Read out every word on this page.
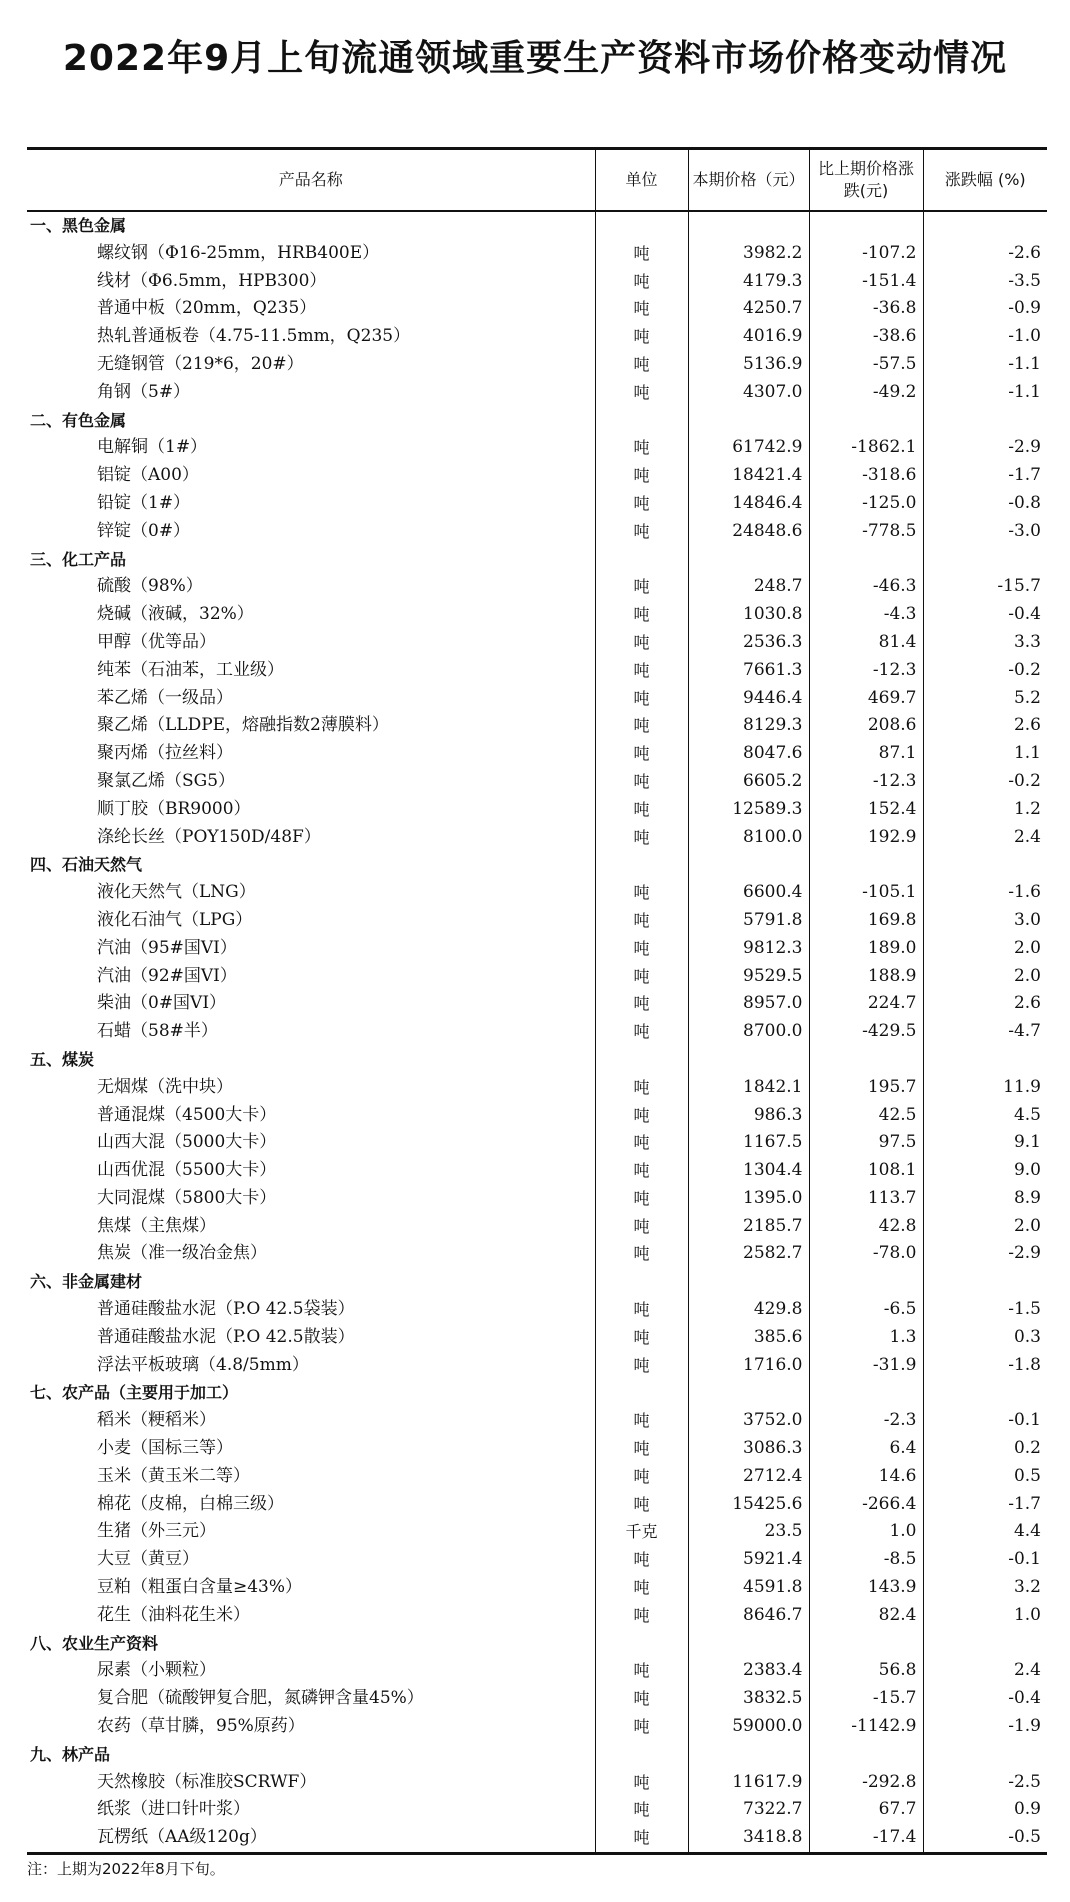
2022年9月上旬流通领域重要生产资料市场价格变动情况
产品名称	单位	本期价格（元）	比上期价格涨跌(元)	涨跌幅 (%)
一、黑色金属				
螺纹钢（Φ16-25mm，HRB400E）	吨	3982.2	-107.2	-2.6
线材（Φ6.5mm，HPB300）	吨	4179.3	-151.4	-3.5
普通中板（20mm，Q235）	吨	4250.7	-36.8	-0.9
热轧普通板卷（4.75-11.5mm，Q235）	吨	4016.9	-38.6	-1.0
无缝钢管（219*6，20#）	吨	5136.9	-57.5	-1.1
角钢（5#）	吨	4307.0	-49.2	-1.1
二、有色金属				
电解铜（1#）	吨	61742.9	-1862.1	-2.9
铝锭（A00）	吨	18421.4	-318.6	-1.7
铅锭（1#）	吨	14846.4	-125.0	-0.8
锌锭（0#）	吨	24848.6	-778.5	-3.0
三、化工产品				
硫酸（98%）	吨	248.7	-46.3	-15.7
烧碱（液碱，32%）	吨	1030.8	-4.3	-0.4
甲醇（优等品）	吨	2536.3	81.4	3.3
纯苯（石油苯，工业级）	吨	7661.3	-12.3	-0.2
苯乙烯（一级品）	吨	9446.4	469.7	5.2
聚乙烯（LLDPE，熔融指数2薄膜料）	吨	8129.3	208.6	2.6
聚丙烯（拉丝料）	吨	8047.6	87.1	1.1
聚氯乙烯（SG5）	吨	6605.2	-12.3	-0.2
顺丁胶（BR9000）	吨	12589.3	152.4	1.2
涤纶长丝（POY150D/48F）	吨	8100.0	192.9	2.4
四、石油天然气				
液化天然气（LNG）	吨	6600.4	-105.1	-1.6
液化石油气（LPG）	吨	5791.8	169.8	3.0
汽油（95#国VI）	吨	9812.3	189.0	2.0
汽油（92#国VI）	吨	9529.5	188.9	2.0
柴油（0#国VI）	吨	8957.0	224.7	2.6
石蜡（58#半）	吨	8700.0	-429.5	-4.7
五、煤炭				
无烟煤（洗中块）	吨	1842.1	195.7	11.9
普通混煤（4500大卡）	吨	986.3	42.5	4.5
山西大混（5000大卡）	吨	1167.5	97.5	9.1
山西优混（5500大卡）	吨	1304.4	108.1	9.0
大同混煤（5800大卡）	吨	1395.0	113.7	8.9
焦煤（主焦煤）	吨	2185.7	42.8	2.0
焦炭（准一级冶金焦）	吨	2582.7	-78.0	-2.9
六、非金属建材				
普通硅酸盐水泥（P.O 42.5袋装）	吨	429.8	-6.5	-1.5
普通硅酸盐水泥（P.O 42.5散装）	吨	385.6	1.3	0.3
浮法平板玻璃（4.8/5mm）	吨	1716.0	-31.9	-1.8
七、农产品（主要用于加工）				
稻米（粳稻米）	吨	3752.0	-2.3	-0.1
小麦（国标三等）	吨	3086.3	6.4	0.2
玉米（黄玉米二等）	吨	2712.4	14.6	0.5
棉花（皮棉，白棉三级）	吨	15425.6	-266.4	-1.7
生猪（外三元）	千克	23.5	1.0	4.4
大豆（黄豆）	吨	5921.4	-8.5	-0.1
豆粕（粗蛋白含量≥43%）	吨	4591.8	143.9	3.2
花生（油料花生米）	吨	8646.7	82.4	1.0
八、农业生产资料				
尿素（小颗粒）	吨	2383.4	56.8	2.4
复合肥（硫酸钾复合肥，氮磷钾含量45%）	吨	3832.5	-15.7	-0.4
农药（草甘膦，95%原药）	吨	59000.0	-1142.9	-1.9
九、林产品				
天然橡胶（标准胶SCRWF）	吨	11617.9	-292.8	-2.5
纸浆（进口针叶浆）	吨	7322.7	67.7	0.9
瓦楞纸（AA级120g）	吨	3418.8	-17.4	-0.5
注：上期为2022年8月下旬。
